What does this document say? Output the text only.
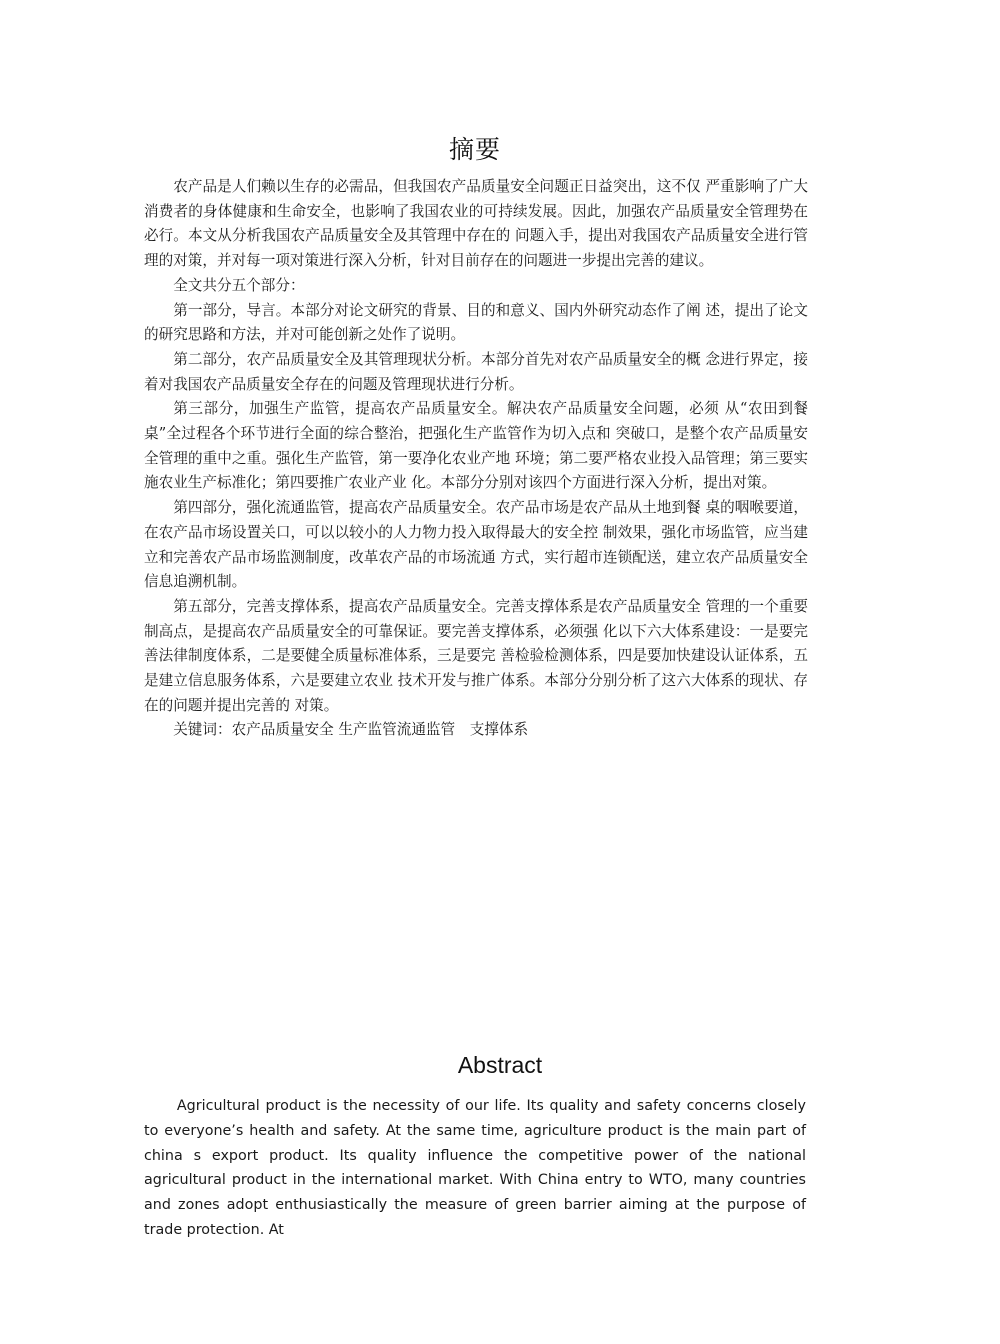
摘要

农产品是人们赖以生存的必需品，但我国农产品质量安全问题正日益突出，这不仅 严重影响了广大消费者的身体健康和生命安全，也影响了我国农业的可持续发展。因此，加强农产品质量安全管理势在必行。本文从分析我国农产品质量安全及其管理中存在的 问题入手，提出对我国农产品质量安全进行管理的对策，并对每一项对策进行深入分析，针对目前存在的问题进一步提出完善的建议。

全文共分五个部分：

第一部分，导言。本部分对论文研究的背景、目的和意义、国内外研究动态作了阐 述，提出了论文的研究思路和方法，并对可能创新之处作了说明。

第二部分，农产品质量安全及其管理现状分析。本部分首先对农产品质量安全的概 念进行界定，接着对我国农产品质量安全存在的问题及管理现状进行分析。

第三部分，加强生产监管，提高农产品质量安全。解决农产品质量安全问题，必须 从“农田到餐桌”全过程各个环节进行全面的综合整治，把强化生产监管作为切入点和 突破口，是整个农产品质量安全管理的重中之重。强化生产监管，第一要净化农业产地 环境；第二要严格农业投入品管理；第三要实施农业生产标准化；第四要推广农业产业 化。本部分分别对该四个方面进行深入分析，提出对策。

第四部分，强化流通监管，提高农产品质量安全。农产品市场是农产品从土地到餐 桌的咽喉要道，在农产品市场设置关口，可以以较小的人力物力投入取得最大的安全控 制效果，强化市场监管，应当建立和完善农产品市场监测制度，改革农产品的市场流通 方式，实行超市连锁配送，建立农产品质量安全信息追溯机制。

第五部分，完善支撑体系，提高农产品质量安全。完善支撑体系是农产品质量安全 管理的一个重要制高点，是提高农产品质量安全的可靠保证。要完善支撑体系，必须强 化以下六大体系建设：一是要完善法律制度体系，二是要健全质量标准体系，三是要完 善检验检测体系，四是要加快建设认证体系，五是建立信息服务体系，六是要建立农业 技术开发与推广体系。本部分分别分析了这六大体系的现状、存在的问题并提出完善的 对策。

关键词：农产品质量安全 生产监管流通监管　支撑体系

Abstract

Agricultural product is the necessity of our life. Its quality and safety concerns closely to everyone’s health and safety. At the same time, agriculture product is the main part of china s export product. Its quality influence the competitive power of the national agricultural product in the international market. With China entry to WTO, many countries and zones adopt enthusiastically the measure of green barrier aiming at the purpose of trade protection. At
